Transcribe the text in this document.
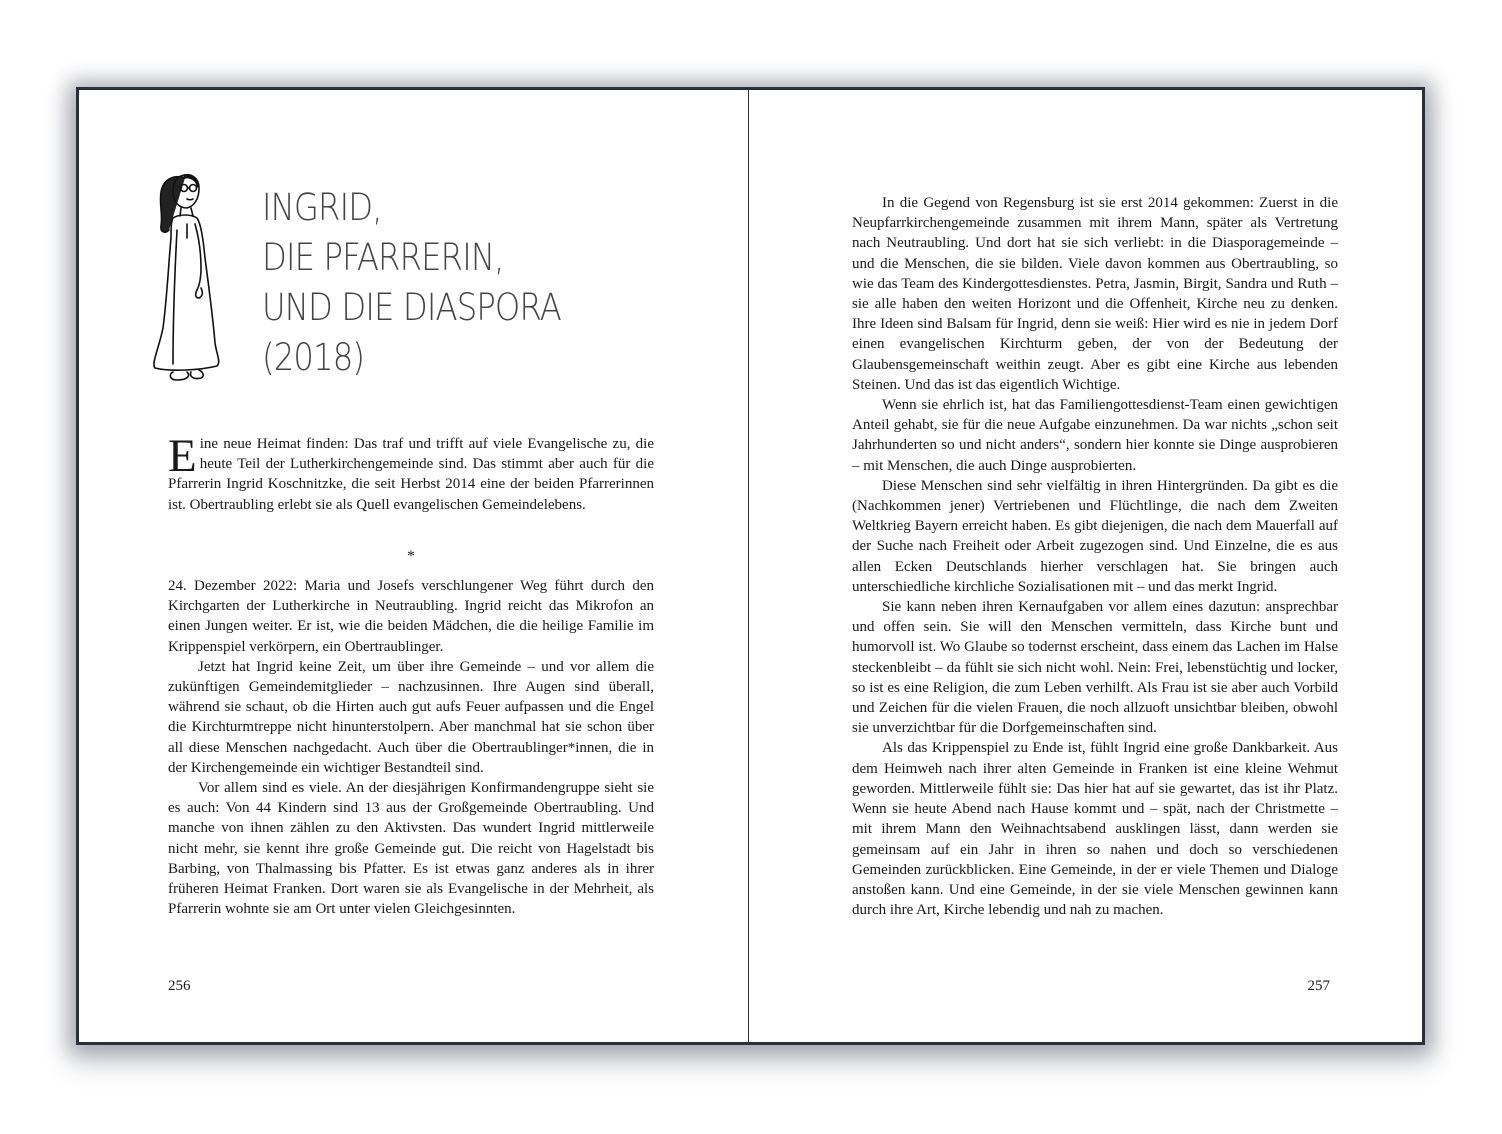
INGRID,
DIE PFARRERIN,
UND DIE DIASPORA
(2018)

Eine neue Heimat finden: Das traf und trifft auf viele Evangelische zu, die heute Teil der Lutherkirchengemeinde sind. Das stimmt aber auch für die Pfarrerin Ingrid Koschnitzke, die seit Herbst 2014 eine der beiden Pfarrerinnen ist. Obertraubling erlebt sie als Quell evangelischen Gemeindelebens.

*

24. Dezember 2022: Maria und Josefs verschlungener Weg führt durch den Kirchgarten der Lutherkirche in Neutraubling. Ingrid reicht das Mikrofon an einen Jungen weiter. Er ist, wie die beiden Mädchen, die die heilige Familie im Krippenspiel verkörpern, ein Obertraublinger.

Jetzt hat Ingrid keine Zeit, um über ihre Gemeinde – und vor allem die zukünftigen Gemeindemitglieder – nachzusinnen. Ihre Augen sind überall, während sie schaut, ob die Hirten auch gut aufs Feuer aufpassen und die Engel die Kirchturmtreppe nicht hinunterstolpern. Aber manchmal hat sie schon über all diese Menschen nachgedacht. Auch über die Obertraublinger*innen, die in der Kirchengemeinde ein wichtiger Bestandteil sind.

Vor allem sind es viele. An der diesjährigen Konfirmandengruppe sieht sie es auch: Von 44 Kindern sind 13 aus der Großgemeinde Obertraubling. Und manche von ihnen zählen zu den Aktivsten. Das wundert Ingrid mittlerweile nicht mehr, sie kennt ihre große Gemeinde gut. Die reicht von Hagelstadt bis Barbing, von Thalmassing bis Pfatter. Es ist etwas ganz anderes als in ihrer früheren Heimat Franken. Dort waren sie als Evangelische in der Mehrheit, als Pfarrerin wohnte sie am Ort unter vielen Gleichgesinnten.

256

In die Gegend von Regensburg ist sie erst 2014 gekommen: Zuerst in die Neupfarrkirchengemeinde zusammen mit ihrem Mann, später als Vertretung nach Neutraubling. Und dort hat sie sich verliebt: in die Diasporagemeinde – und die Menschen, die sie bilden. Viele davon kommen aus Obertraubling, so wie das Team des Kindergottesdienstes. Petra, Jasmin, Birgit, Sandra und Ruth – sie alle haben den weiten Horizont und die Offenheit, Kirche neu zu denken. Ihre Ideen sind Balsam für Ingrid, denn sie weiß: Hier wird es nie in jedem Dorf einen evangelischen Kirchturm geben, der von der Bedeutung der Glaubensgemeinschaft weithin zeugt. Aber es gibt eine Kirche aus lebenden Steinen. Und das ist das eigentlich Wichtige.

Wenn sie ehrlich ist, hat das Familiengottesdienst-Team einen gewichtigen Anteil gehabt, sie für die neue Aufgabe einzunehmen. Da war nichts „schon seit Jahrhunderten so und nicht anders“, sondern hier konnte sie Dinge ausprobieren – mit Menschen, die auch Dinge ausprobierten.

Diese Menschen sind sehr vielfältig in ihren Hintergründen. Da gibt es die (Nachkommen jener) Vertriebenen und Flüchtlinge, die nach dem Zweiten Weltkrieg Bayern erreicht haben. Es gibt diejenigen, die nach dem Mauerfall auf der Suche nach Freiheit oder Arbeit zugezogen sind. Und Einzelne, die es aus allen Ecken Deutschlands hierher verschlagen hat. Sie bringen auch unterschiedliche kirchliche Sozialisationen mit – und das merkt Ingrid.

Sie kann neben ihren Kernaufgaben vor allem eines dazutun: ansprechbar und offen sein. Sie will den Menschen vermitteln, dass Kirche bunt und humorvoll ist. Wo Glaube so todernst erscheint, dass einem das Lachen im Halse steckenbleibt – da fühlt sie sich nicht wohl. Nein: Frei, lebenstüchtig und locker, so ist es eine Religion, die zum Leben verhilft. Als Frau ist sie aber auch Vorbild und Zeichen für die vielen Frauen, die noch allzuoft unsichtbar bleiben, obwohl sie unverzichtbar für die Dorfgemeinschaften sind.

Als das Krippenspiel zu Ende ist, fühlt Ingrid eine große Dankbarkeit. Aus dem Heimweh nach ihrer alten Gemeinde in Franken ist eine kleine Wehmut geworden. Mittlerweile fühlt sie: Das hier hat auf sie gewartet, das ist ihr Platz. Wenn sie heute Abend nach Hause kommt und – spät, nach der Christmette – mit ihrem Mann den Weihnachtsabend ausklingen lässt, dann werden sie gemeinsam auf ein Jahr in ihren so nahen und doch so verschiedenen Gemeinden zurückblicken. Eine Gemeinde, in der er viele Themen und Dialoge anstoßen kann. Und eine Gemeinde, in der sie viele Menschen gewinnen kann durch ihre Art, Kirche lebendig und nah zu machen.

257
